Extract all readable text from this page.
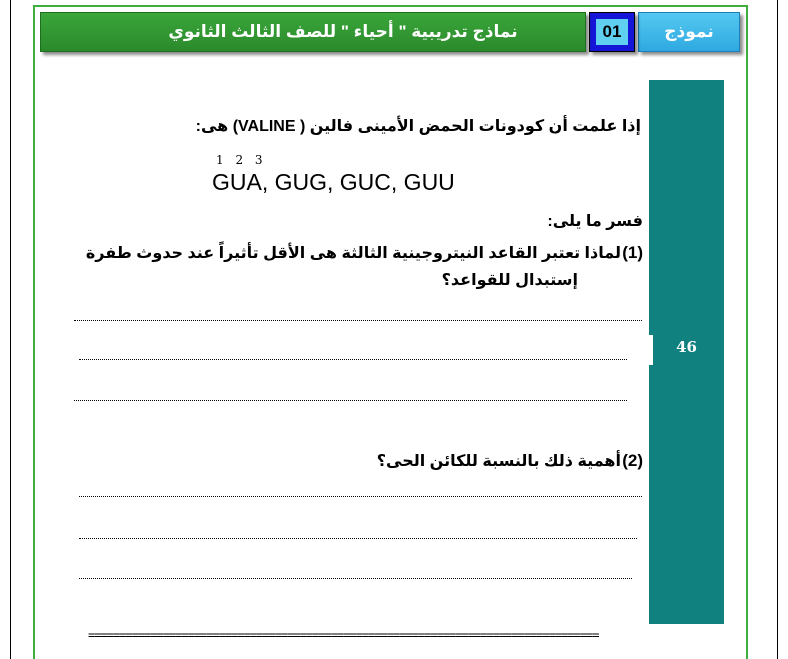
نموذج
01
نماذج تدريبية " أحياء " للصف الثالث الثانوي
46
إذا علمت أن كودونات الحمض الأمينى فالين ( VALINE) هى:
1 2 3
GUA, GUG, GUC, GUU
فسر ما يلى:
(1)
لماذا تعتبر القاعد النيتروجينية الثالثة هى الأقل تأثيراً عند حدوث طفرة
إستبدال للقواعد؟
(2)
أهمية ذلك بالنسبة للكائن الحى؟
==================================================================================
